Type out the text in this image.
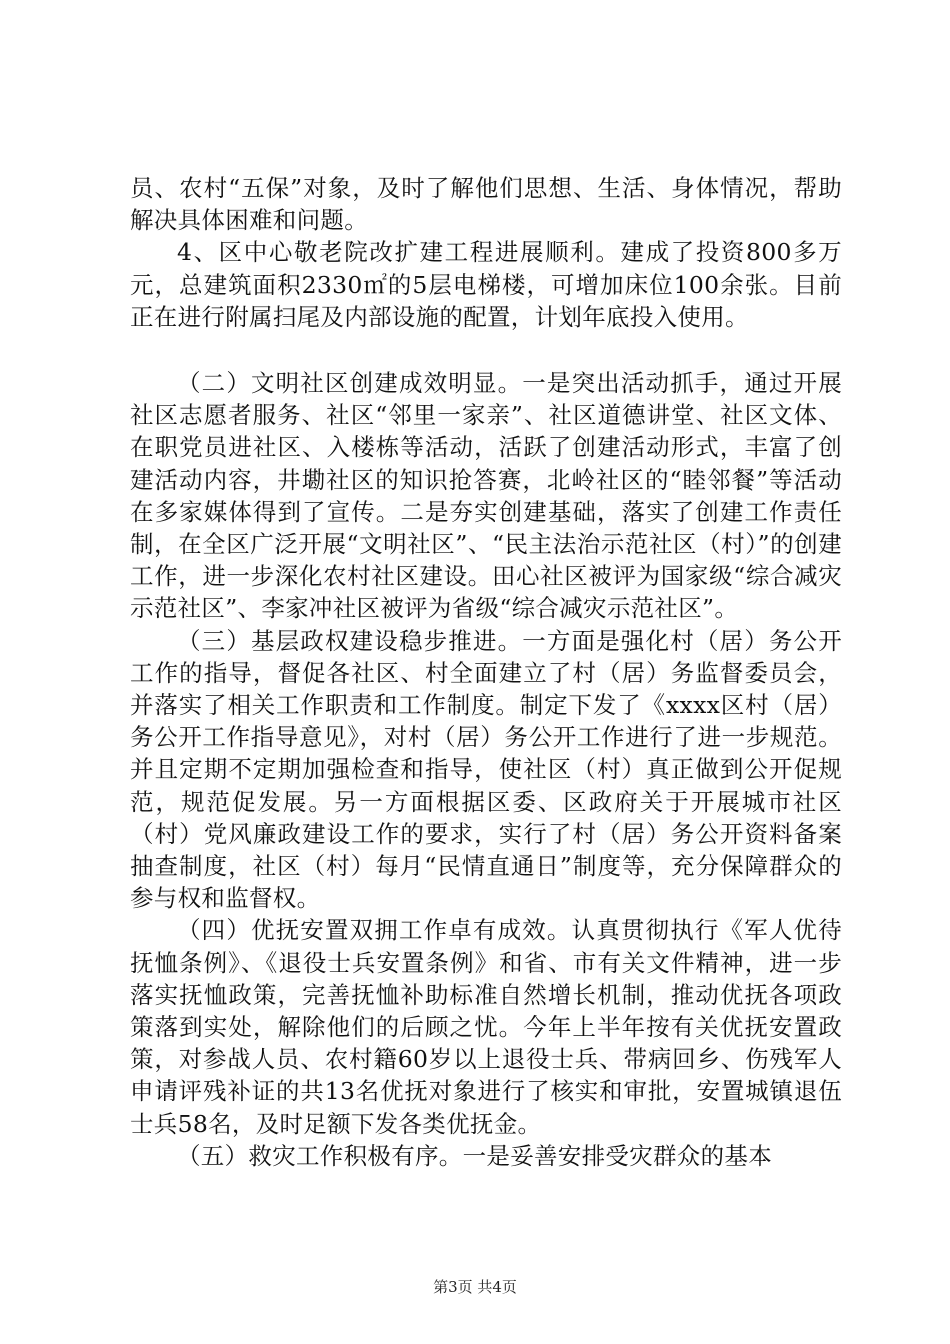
员、农村“五保”对象，及时了解他们思想、生活、身体情况，帮助解决具体困难和问题。

4、区中心敬老院改扩建工程进展顺利。建成了投资800多万元，总建筑面积2330㎡的5层电梯楼，可增加床位100余张。目前正在进行附属扫尾及内部设施的配置，计划年底投入使用。

（二）文明社区创建成效明显。一是突出活动抓手，通过开展社区志愿者服务、社区“邻里一家亲”、社区道德讲堂、社区文体、在职党员进社区、入楼栋等活动，活跃了创建活动形式，丰富了创建活动内容，井墈社区的知识抢答赛，北岭社区的“睦邻餐”等活动在多家媒体得到了宣传。二是夯实创建基础，落实了创建工作责任制，在全区广泛开展“文明社区”、“民主法治示范社区（村）”的创建工作，进一步深化农村社区建设。田心社区被评为国家级“综合减灾示范社区”、李家冲社区被评为省级“综合减灾示范社区”。

（三）基层政权建设稳步推进。一方面是强化村（居）务公开工作的指导，督促各社区、村全面建立了村（居）务监督委员会，并落实了相关工作职责和工作制度。制定下发了《xxxx区村（居）务公开工作指导意见》，对村（居）务公开工作进行了进一步规范。并且定期不定期加强检查和指导，使社区（村）真正做到公开促规范，规范促发展。另一方面根据区委、区政府关于开展城市社区（村）党风廉政建设工作的要求，实行了村（居）务公开资料备案抽查制度，社区（村）每月“民情直通日”制度等，充分保障群众的参与权和监督权。

（四）优抚安置双拥工作卓有成效。认真贯彻执行《军人优待抚恤条例》、《退役士兵安置条例》和省、市有关文件精神，进一步落实抚恤政策，完善抚恤补助标准自然增长机制，推动优抚各项政策落到实处，解除他们的后顾之忧。今年上半年按有关优抚安置政策，对参战人员、农村籍60岁以上退役士兵、带病回乡、伤残军人申请评残补证的共13名优抚对象进行了核实和审批，安置城镇退伍士兵58名，及时足额下发各类优抚金。

（五）救灾工作积极有序。一是妥善安排受灾群众的基本

第3页 共4页
